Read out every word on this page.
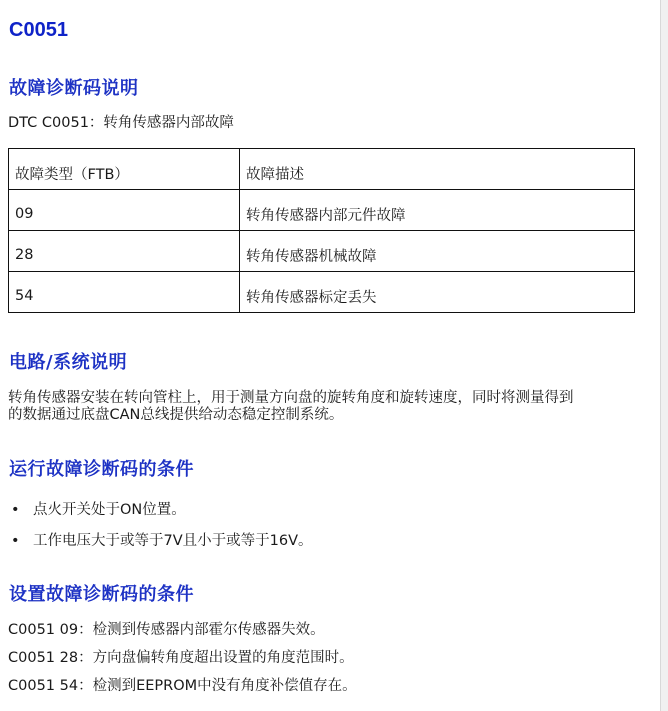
C0051
故障诊断码说明

DTC C0051：转角传感器内部故障

故障类型（FTB）	故障描述
09	转角传感器内部元件故障
28	转角传感器机械故障
54	转角传感器标定丢失
电路/系统说明

转角传感器安装在转向管柱上，用于测量方向盘的旋转角度和旋转速度，同时将测量得到

的数据通过底盘CAN总线提供给动态稳定控制系统。

运行故障诊断码的条件
• 点火开关处于ON位置。
• 工作电压大于或等于7V且小于或等于16V。
设置故障诊断码的条件

C0051 09：检测到传感器内部霍尔传感器失效。

C0051 28：方向盘偏转角度超出设置的角度范围时。

C0051 54：检测到EEPROM中没有角度补偿值存在。
